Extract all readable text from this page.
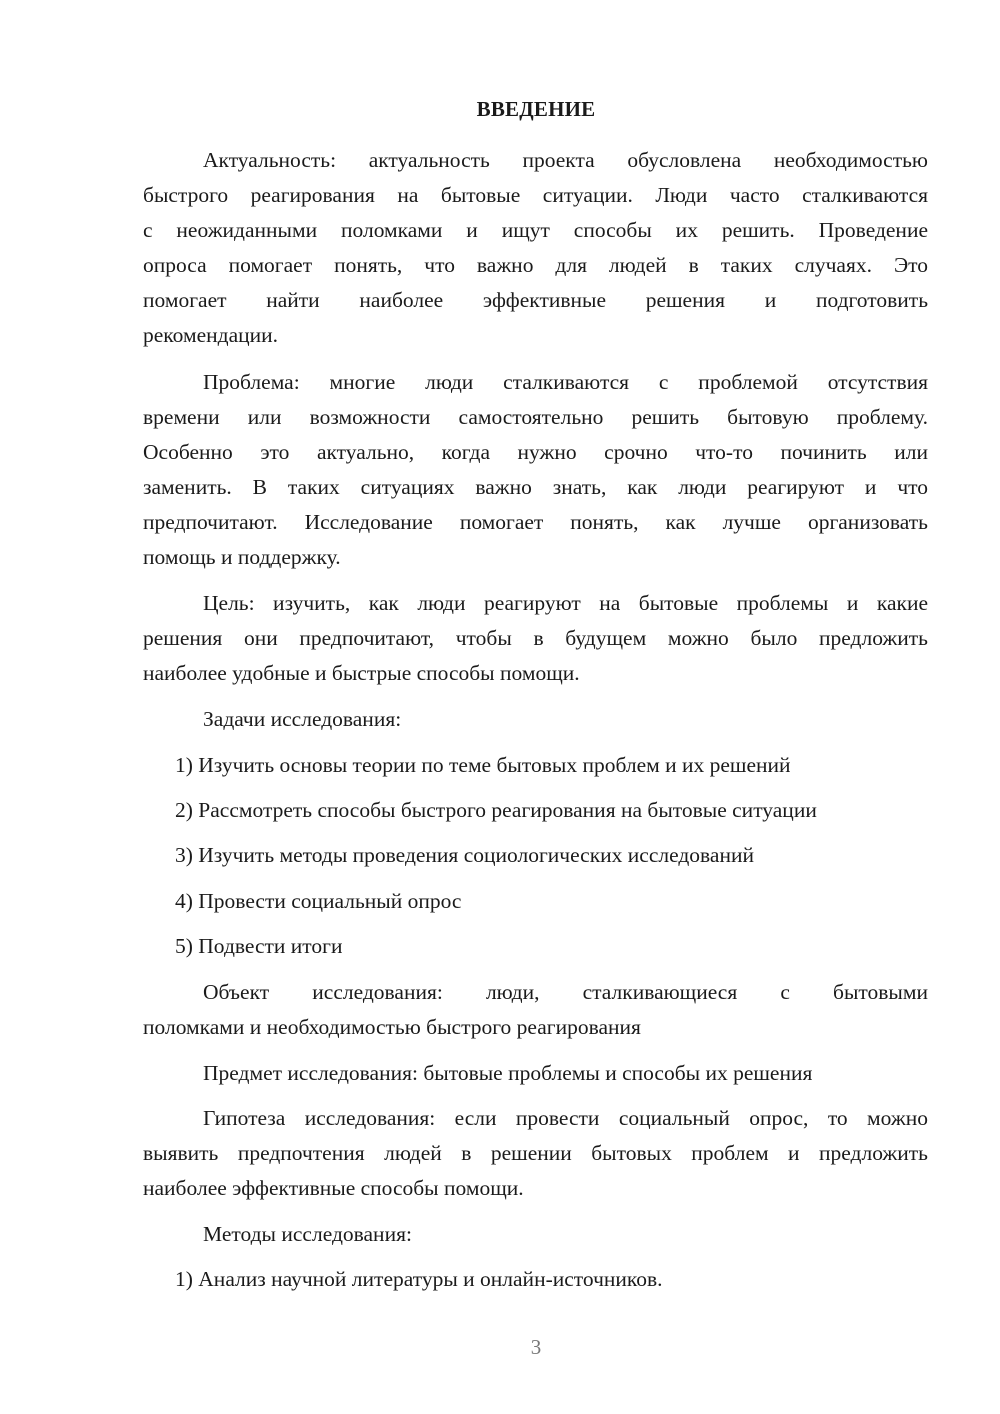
ВВЕДЕНИЕ
Актуальность: актуальность проекта обусловлена необходимостью
быстрого реагирования на бытовые ситуации. Люди часто сталкиваются
с неожиданными поломками и ищут способы их решить. Проведение
опроса помогает понять, что важно для людей в таких случаях. Это
помогает найти наиболее эффективные решения и подготовить
рекомендации.
Проблема: многие люди сталкиваются с проблемой отсутствия
времени или возможности самостоятельно решить бытовую проблему.
Особенно это актуально, когда нужно срочно что-то починить или
заменить. В таких ситуациях важно знать, как люди реагируют и что
предпочитают. Исследование помогает понять, как лучше организовать
помощь и поддержку.
Цель: изучить, как люди реагируют на бытовые проблемы и какие
решения они предпочитают, чтобы в будущем можно было предложить
наиболее удобные и быстрые способы помощи.
Задачи исследования:
1) Изучить основы теории по теме бытовых проблем и их решений
2) Рассмотреть способы быстрого реагирования на бытовые ситуации
3) Изучить методы проведения социологических исследований
4) Провести социальный опрос
5) Подвести итоги
Объект исследования: люди, сталкивающиеся с бытовыми
поломками и необходимостью быстрого реагирования
Предмет исследования: бытовые проблемы и способы их решения
Гипотеза исследования: если провести социальный опрос, то можно
выявить предпочтения людей в решении бытовых проблем и предложить
наиболее эффективные способы помощи.
Методы исследования:
1) Анализ научной литературы и онлайн-источников.
3
